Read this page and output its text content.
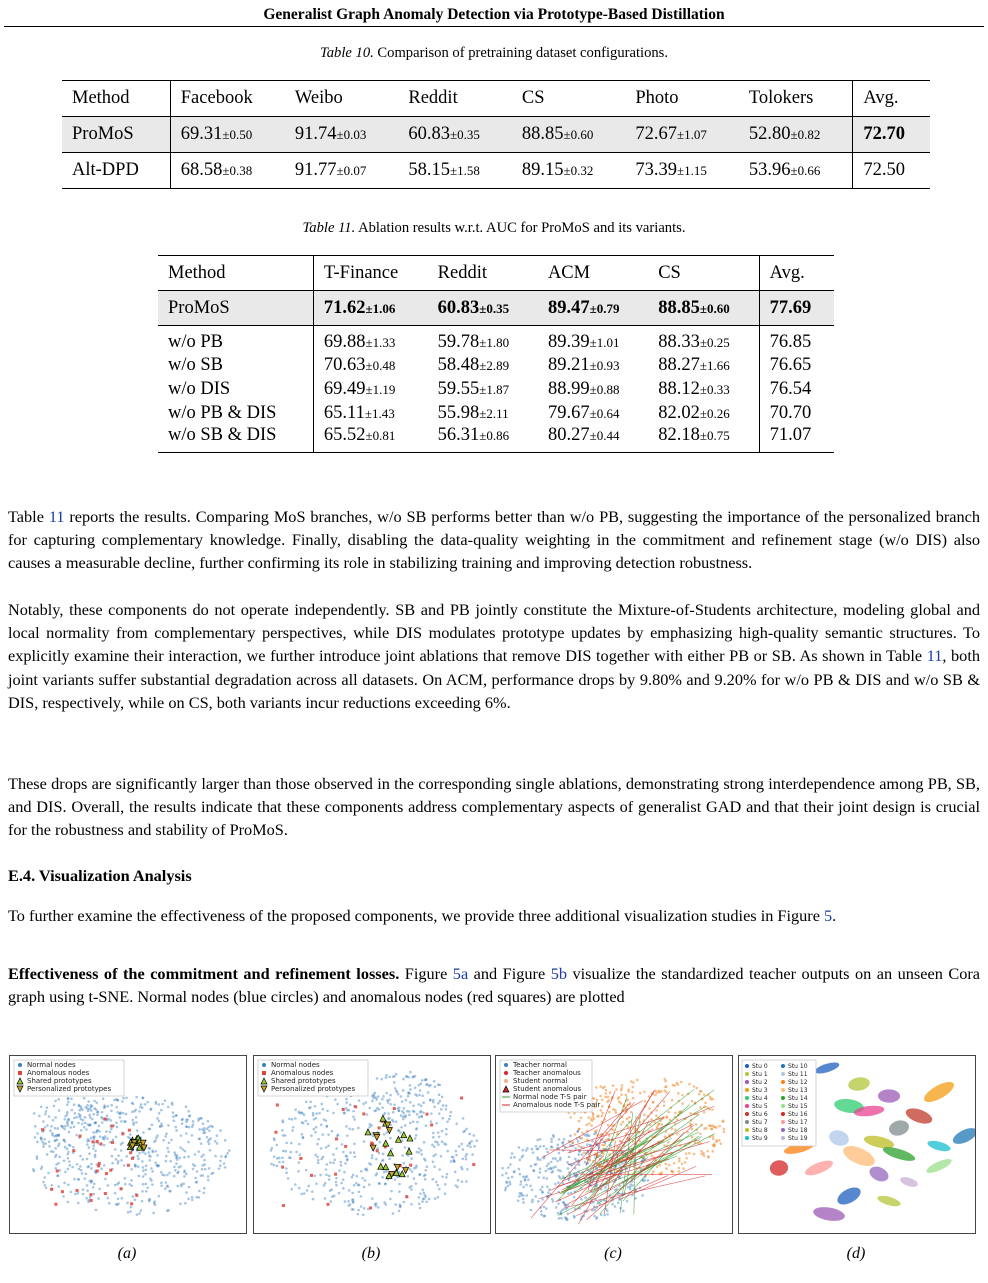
Generalist Graph Anomaly Detection via Prototype-Based Distillation
Table 10. Comparison of pretraining dataset configurations.
Method	Facebook	Weibo	Reddit	CS	Photo	Tolokers	Avg.
ProMoS	69.31±0.50	91.74±0.03	60.83±0.35	88.85±0.60	72.67±1.07	52.80±0.82	72.70
Alt-DPD	68.58±0.38	91.77±0.07	58.15±1.58	89.15±0.32	73.39±1.15	53.96±0.66	72.50
Table 11. Ablation results w.r.t. AUC for ProMoS and its variants.
Method	T-Finance	Reddit	ACM	CS	Avg.
ProMoS	71.62±1.06	60.83±0.35	89.47±0.79	88.85±0.60	77.69
w/o PB	69.88±1.33	59.78±1.80	89.39±1.01	88.33±0.25	76.85
w/o SB	70.63±0.48	58.48±2.89	89.21±0.93	88.27±1.66	76.65
w/o DIS	69.49±1.19	59.55±1.87	88.99±0.88	88.12±0.33	76.54
w/o PB & DIS	65.11±1.43	55.98±2.11	79.67±0.64	82.02±0.26	70.70
w/o SB & DIS	65.52±0.81	56.31±0.86	80.27±0.44	82.18±0.75	71.07

Table 11 reports the results. Comparing MoS branches, w/o SB performs better than w/o PB, suggesting the importance of the personalized branch for capturing complementary knowledge. Finally, disabling the data-quality weighting in the commitment and refinement stage (w/o DIS) also causes a measurable decline, further confirming its role in stabilizing training and improving detection robustness.

Notably, these components do not operate independently. SB and PB jointly constitute the Mixture-of-Students architecture, modeling global and local normality from complementary perspectives, while DIS modulates prototype updates by emphasizing high-quality semantic structures. To explicitly examine their interaction, we further introduce joint ablations that remove DIS together with either PB or SB. As shown in Table 11, both joint variants suffer substantial degradation across all datasets. On ACM, performance drops by 9.80% and 9.20% for w/o PB & DIS and w/o SB & DIS, respectively, while on CS, both variants incur reductions exceeding 6%.

These drops are significantly larger than those observed in the corresponding single ablations, demonstrating strong interdependence among PB, SB, and DIS. Overall, the results indicate that these components address complementary aspects of generalist GAD and that their joint design is crucial for the robustness and stability of ProMoS.

E.4. Visualization Analysis

To further examine the effectiveness of the proposed components, we provide three additional visualization studies in Figure 5.

Effectiveness of the commitment and refinement losses. Figure 5a and Figure 5b visualize the standardized teacher outputs on an unseen Cora graph using t-SNE. Normal nodes (blue circles) and anomalous nodes (red squares) are plotted

Normal nodes
Anomalous nodes
Shared prototypes
Personalized prototypes
Normal nodes
Anomalous nodes
Shared prototypes
Personalized prototypes
Teacher normal
Teacher anomalous
Student normal
Student anomalous
Normal node T-S pair
Anomalous node T-S pair
Stu 0
Stu 1
Stu 2
Stu 3
Stu 4
Stu 5
Stu 6
Stu 7
Stu 8
Stu 9
Stu 10
Stu 11
Stu 12
Stu 13
Stu 14
Stu 15
Stu 16
Stu 17
Stu 18
Stu 19
(a)	(b)	(c)	(d)
